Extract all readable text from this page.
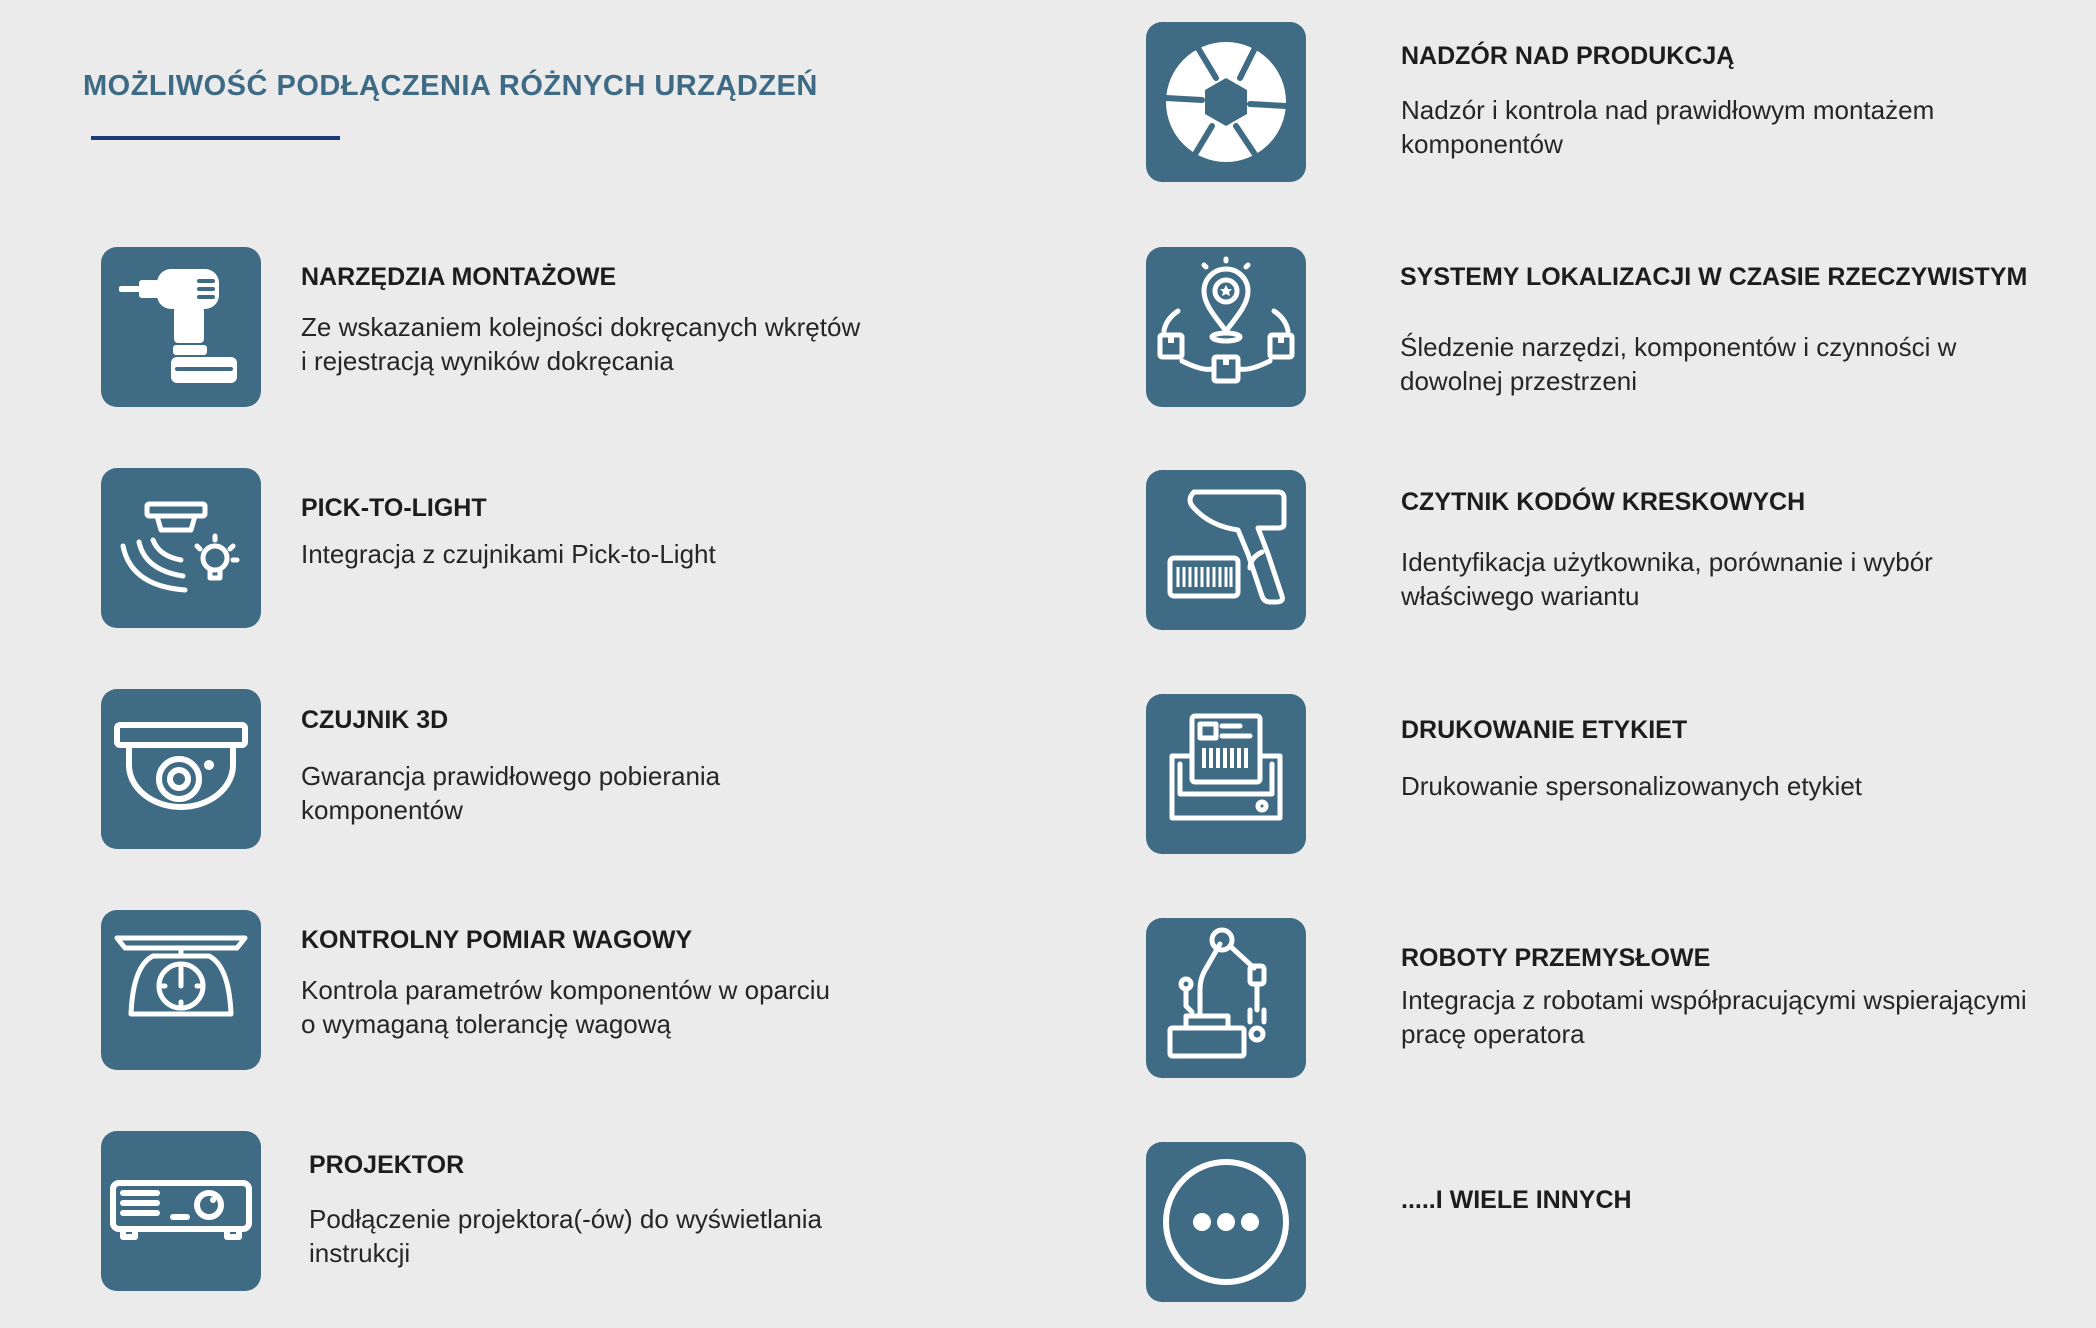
MOŻLIWOŚĆ PODŁĄCZENIA RÓŻNYCH URZĄDZEŃ
NARZĘDZIA MONTAŻOWE

Ze wskazaniem kolejności dokręcanych wkrętów i rejestracją wyników dokręcania

PICK-TO-LIGHT

Integracja z czujnikami Pick-to-Light

CZUJNIK 3D

Gwarancja prawidłowego pobierania komponentów

KONTROLNY POMIAR WAGOWY

Kontrola parametrów komponentów w oparciu o wymaganą tolerancję wagową

PROJEKTOR

Podłączenie projektora(-ów) do wyświetlania instrukcji

NADZÓR NAD PRODUKCJĄ

Nadzór i kontrola nad prawidłowym montażem komponentów

SYSTEMY LOKALIZACJI W CZASIE RZECZYWISTYM

Śledzenie narzędzi, komponentów i czynności w dowolnej przestrzeni

CZYTNIK KODÓW KRESKOWYCH

Identyfikacja użytkownika, porównanie i wybór właściwego wariantu

DRUKOWANIE ETYKIET

Drukowanie spersonalizowanych etykiet

ROBOTY PRZEMYSŁOWE

Integracja z robotami współpracującymi wspierającymi pracę operatora

.....I WIELE INNYCH
